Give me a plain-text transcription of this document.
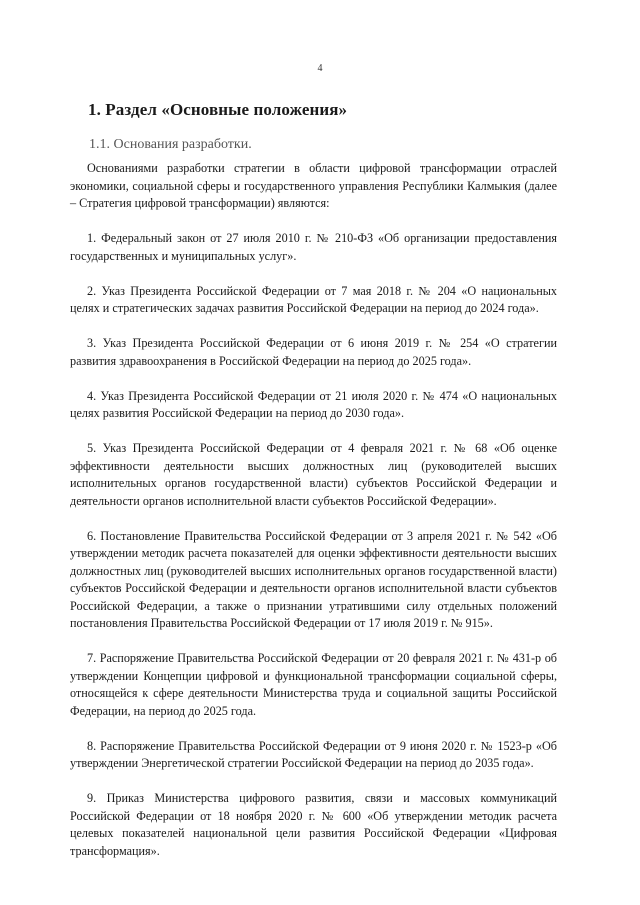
4
1. Раздел «Основные положения»
1.1. Основания разработки.

Основаниями разработки стратегии в области цифровой трансформации отраслей экономики, социальной сферы и государственного управления Республики Калмыкия (далее – Стратегия цифровой трансформации) являются:

1. Федеральный закон от 27 июля 2010 г. № 210-ФЗ «Об организации предоставления государственных и муниципальных услуг».

2. Указ Президента Российской Федерации от 7 мая 2018 г. № 204 «О национальных целях и стратегических задачах развития Российской Федерации на период до 2024 года».

3. Указ Президента Российской Федерации от 6 июня 2019 г. № 254 «О стратегии развития здравоохранения в Российской Федерации на период до 2025 года».

4. Указ Президента Российской Федерации от 21 июля 2020 г. № 474 «О национальных целях развития Российской Федерации на период до 2030 года».

5. Указ Президента Российской Федерации от 4 февраля 2021 г. № 68 «Об оценке эффективности деятельности высших должностных лиц (руководителей высших исполнительных органов государственной власти) субъектов Российской Федерации и деятельности органов исполнительной власти субъектов Российской Федерации».

6. Постановление Правительства Российской Федерации от 3 апреля 2021 г. № 542 «Об утверждении методик расчета показателей для оценки эффективности деятельности высших должностных лиц (руководителей высших исполнительных органов государственной власти) субъектов Российской Федерации и деятельности органов исполнительной власти субъектов Российской Федерации, а также о признании утратившими силу отдельных положений постановления Правительства Российской Федерации от 17 июля 2019 г. № 915».

7. Распоряжение Правительства Российской Федерации от 20 февраля 2021 г. № 431-р об утверждении Концепции цифровой и функциональной трансформации социальной сферы, относящейся к сфере деятельности Министерства труда и социальной защиты Российской Федерации, на период до 2025 года.

8. Распоряжение Правительства Российской Федерации от 9 июня 2020 г. № 1523-р «Об утверждении Энергетической стратегии Российской Федерации на период до 2035 года».

9. Приказ Министерства цифрового развития, связи и массовых коммуникаций Российской Федерации от 18 ноября 2020 г. № 600 «Об утверждении методик расчета целевых показателей национальной цели развития Российской Федерации «Цифровая трансформация».
